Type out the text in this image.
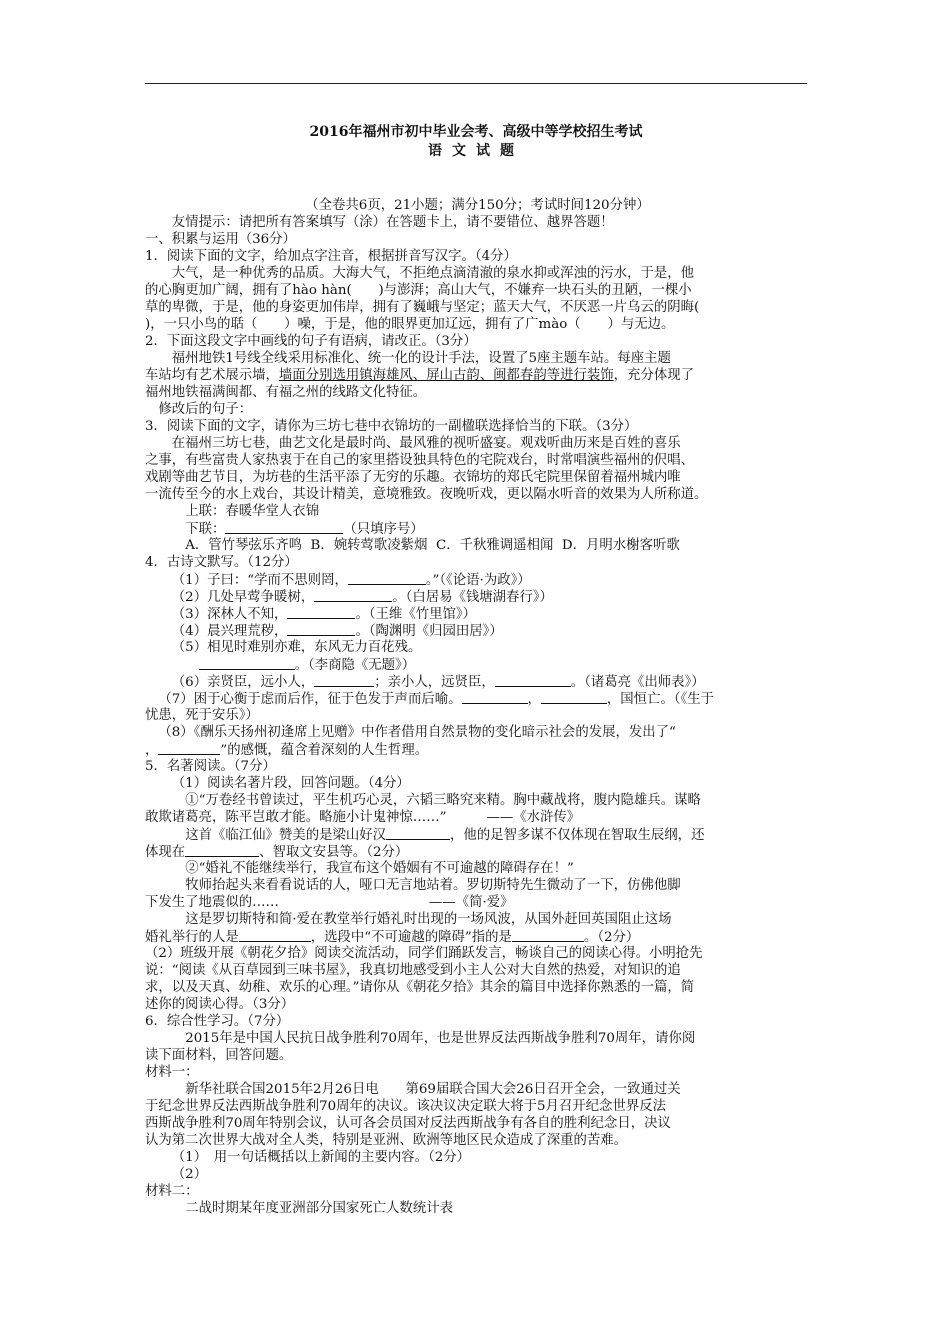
2016年福州市初中毕业会考、高级中等学校招生考试
语文试题
（全卷共6页，21小题；满分150分；考试时间120分钟）
友情提示：请把所有答案填写（涂）在答题卡上，请不要错位、越界答题！
一、积累与运用（36分）
1．阅读下面的文字，给加点字注音，根据拼音写汉字。（4分）
大气，是一种优秀的品质。大海大气，不拒绝点滴清澈的泉水抑或浑浊的污水，于是，他
的心胸更加广阔，拥有了hào hàn(　　)与澎湃；高山大气，不嫌弃一块石头的丑陋，一棵小
草的卑微，于是，他的身姿更加伟岸，拥有了巍峨与坚定；蓝天大气，不厌恶一片乌云的阴晦(
)，一只小鸟的聒（　　）噪，于是，他的眼界更加辽远，拥有了广mào（　　）与无边。
2．下面这段文字中画线的句子有语病，请改正。（3分）
福州地铁1号线全线采用标准化、统一化的设计手法，设置了5座主题车站。每座主题
车站均有艺术展示墙，墙面分别选用镇海雄风、屏山古韵、闽都春韵等进行装饰，充分体现了
福州地铁福满闽都、有福之州的线路文化特征。
修改后的句子：
3．阅读下面的文字，请你为三坊七巷中衣锦坊的一副楹联选择恰当的下联。（3分）
在福州三坊七巷，曲艺文化是最时尚、最风雅的视听盛宴。观戏听曲历来是百姓的喜乐
之事，有些富贵人家热衷于在自己的家里搭设独具特色的宅院戏台，时常唱演些福州的伬唱、
戏剧等曲艺节目，为坊巷的生活平添了无穷的乐趣。衣锦坊的郑氏宅院里保留着福州城内唯
一流传至今的水上戏台，其设计精美，意境雅致。夜晚听戏，更以隔水听音的效果为人所称道。
上联：春暖华堂人衣锦
下联：	（只填序号）
A．管竹琴弦乐齐鸣 B．婉转莺歌凌紫烟 C．千秋雅调遥相闻 D．月明水榭客听歌
4．古诗文默写。（12分）
（1）子曰：“学而不思则罔，	。”（《论语·为政》）
（2）几处早莺争暖树，	。（白居易《钱塘湖春行》）
（3）深林人不知，	。（王维《竹里馆》）
（4）晨兴理荒秽，	。（陶渊明《归园田居》）
（5）相见时难别亦难，东风无力百花残。
。（李商隐《无题》）
（6）亲贤臣，远小人，	；亲小人，远贤臣，	。（诸葛亮《出师表》）
（7）困于心衡于虑而后作，征于色发于声而后喻。	，	，国恒亡。（《生于
忧患，死于安乐》）
（8）《酬乐天扬州初逢席上见赠》中作者借用自然景物的变化暗示社会的发展，发出了“
，	”的感慨，蕴含着深刻的人生哲理。
5．名著阅读。（7分）
（1）阅读名著片段，回答问题。（4分）
①“万卷经书曾读过，平生机巧心灵，六韬三略究来精。胸中藏战将，腹内隐雄兵。谋略
敢欺诸葛亮，陈平岂敢才能。略施小计鬼神惊……”	——《水浒传》
这首《临江仙》赞美的是梁山好汉	，他的足智多谋不仅体现在智取生辰纲，还
体现在	、智取文安县等。（2分）
②“婚礼不能继续举行，我宣布这个婚姻有不可逾越的障碍存在！”
牧师抬起头来看看说话的人，哑口无言地站着。罗切斯特先生微动了一下，仿佛他脚
下发生了地震似的……	——《简·爱》
这是罗切斯特和简·爱在教堂举行婚礼时出现的一场风波，从国外赶回英国阻止这场
婚礼举行的人是	，选段中“不可逾越的障碍”指的是	。（2分）
（2）班级开展《朝花夕拾》阅读交流活动，同学们踊跃发言，畅谈自己的阅读心得。小明抢先
说：“阅读《从百草园到三味书屋》，我真切地感受到小主人公对大自然的热爱，对知识的追
求，以及天真、幼稚、欢乐的心理。”请你从《朝花夕拾》其余的篇目中选择你熟悉的一篇，简
述你的阅读心得。（3分）
6．综合性学习。（7分）
2015年是中国人民抗日战争胜利70周年，也是世界反法西斯战争胜利70周年，请你阅
读下面材料，回答问题。
材料一：
新华社联合国2015年2月26日电　　第69届联合国大会26日召开全会，一致通过关
于纪念世界反法西斯战争胜利70周年的决议。该决议决定联大将于5月召开纪念世界反法
西斯战争胜利70周年特别会议，认可各会员国对反法西斯战争有各自的胜利纪念日，决议
认为第二次世界大战对全人类，特别是亚洲、欧洲等地区民众造成了深重的苦难。
（1）　用一句话概括以上新闻的主要内容。（2分）
（2）
材料二：
二战时期某年度亚洲部分国家死亡人数统计表
